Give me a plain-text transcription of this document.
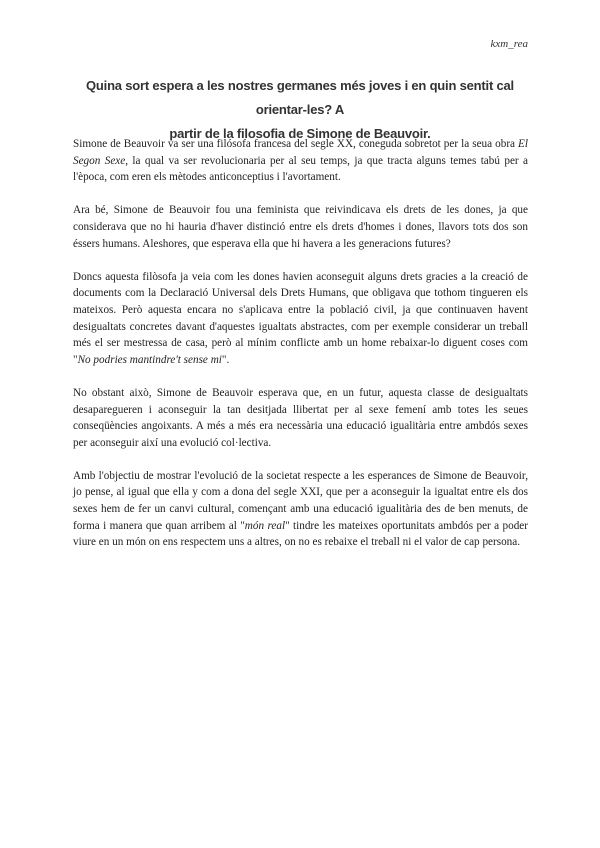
kxm_rea
Quina sort espera a les nostres germanes més joves i en quin sentit cal orientar-les? A
partir de la filosofia de Simone de Beauvoir.

Simone de Beauvoir va ser una filósofa francesa del segle XX, coneguda sobretot per la seua obra El Segon Sexe, la qual va ser revolucionaria per al seu temps, ja que tracta alguns temes tabú per a l'època, com eren els mètodes anticonceptius i l'avortament.

Ara bé, Simone de Beauvoir fou una feminista que reivindicava els drets de les dones, ja que considerava que no hi hauria d'haver distinció entre els drets d'homes i dones, llavors tots dos son éssers humans. Aleshores, que esperava ella que hi havera a les generacions futures?

Doncs aquesta filòsofa ja veia com les dones havien aconseguit alguns drets gracies a la creació de documents com la Declaració Universal dels Drets Humans, que obligava que tothom tingueren els mateixos. Però aquesta encara no s'aplicava entre la població civil, ja que continuaven havent desigualtats concretes davant d'aquestes igualtats abstractes, com per exemple considerar un treball més el ser mestressa de casa, però al mínim conflicte amb un home rebaixar-lo diguent coses com "No podries mantindre't sense mi".

No obstant això, Simone de Beauvoir esperava que, en un futur, aquesta classe de desigualtats desaparegueren i aconseguir la tan desitjada llibertat per al sexe femení amb totes les seues conseqüències angoixants. A més a més era necessària una educació igualitària entre ambdós sexes per aconseguir així una evolució col·lectiva.

Amb l'objectiu de mostrar l'evolució de la societat respecte a les esperances de Simone de Beauvoir, jo pense, al igual que ella y com a dona del segle XXI, que per a aconseguir la igualtat entre els dos sexes hem de fer un canvi cultural, començant amb una educació igualitària des de ben menuts, de forma i manera que quan arribem al "món real" tindre les mateixes oportunitats ambdós per a poder viure en un món on ens respectem uns a altres, on no es rebaixe el treball ni el valor de cap persona.
